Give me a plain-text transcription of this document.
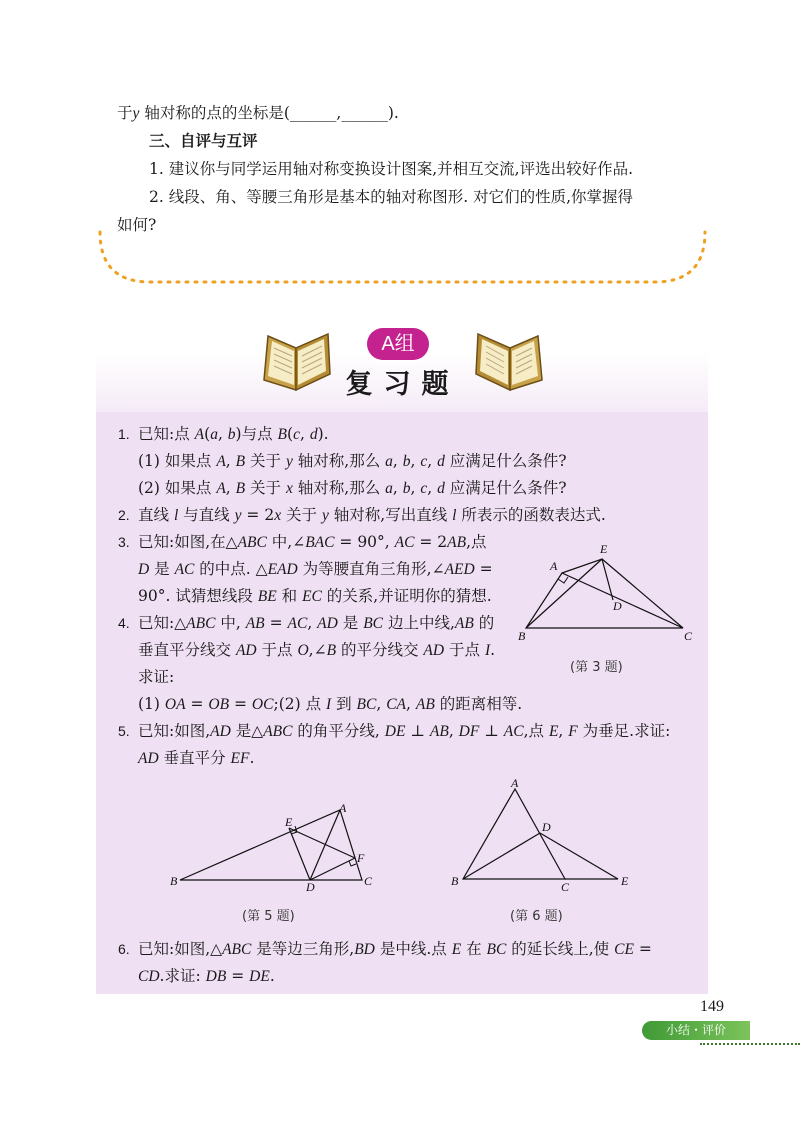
于y 轴对称的点的坐标是(______,______).
三、自评与互评
1. 建议你与同学运用轴对称变换设计图案,并相互交流,评选出较好作品.
2. 线段、角、等腰三角形是基本的轴对称图形. 对它们的性质,你掌握得
如何?
A组
复习题
1. 已知:点 A(a, b)与点 B(c, d).
(1) 如果点 A, B 关于 y 轴对称,那么 a, b, c, d 应满足什么条件?
(2) 如果点 A, B 关于 x 轴对称,那么 a, b, c, d 应满足什么条件?
2. 直线 l 与直线 y = 2x 关于 y 轴对称,写出直线 l 所表示的函数表达式.
3. 已知:如图,在△ABC 中,∠BAC = 90°, AC = 2AB,点
D 是 AC 的中点. △EAD 为等腰直角三角形,∠AED =
90°. 试猜想线段 BE 和 EC 的关系,并证明你的猜想.
A
E
D
B	C
(第 3 题)
4. 已知:△ABC 中, AB = AC, AD 是 BC 边上中线,AB 的
垂直平分线交 AD 于点 O,∠B 的平分线交 AD 于点 I.
求证:
(1) OA = OB = OC;(2) 点 I 到 BC, CA, AB 的距离相等.
5. 已知:如图,AD 是△ABC 的角平分线, DE ⊥ AB, DF ⊥ AC,点 E, F 为垂足.求证:
AD 垂直平分 EF.
E
A
F
B	D	C
(第 5 题)
A
D
B	C	E
(第 6 题)
6. 已知:如图,△ABC 是等边三角形,BD 是中线.点 E 在 BC 的延长线上,使 CE =
CD.求证: DB = DE.
149
小结・评价
